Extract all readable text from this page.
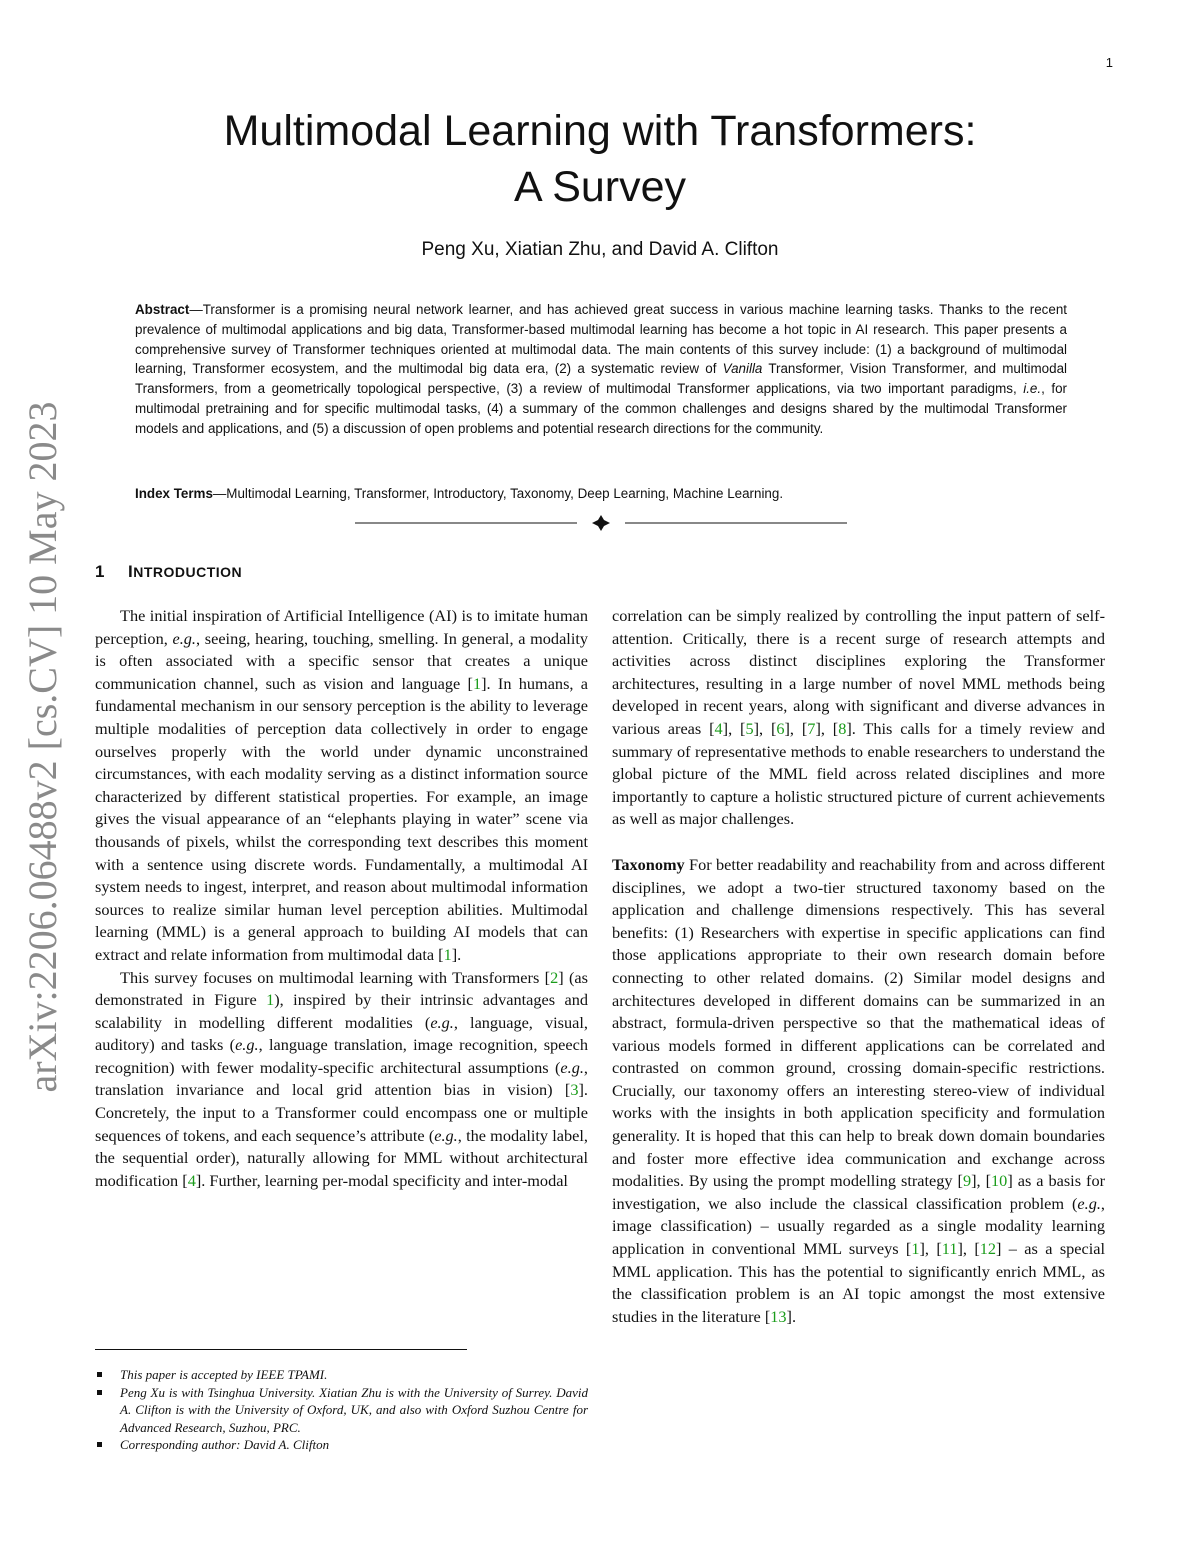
1
arXiv:2206.06488v2 [cs.CV] 10 May 2023
Multimodal Learning with Transformers:
A Survey
Peng Xu, Xiatian Zhu, and David A. Clifton

Abstract—Transformer is a promising neural network learner, and has achieved great success in various machine learning tasks. Thanks to the recent prevalence of multimodal applications and big data, Transformer-based multimodal learning has become a hot topic in AI research. This paper presents a comprehensive survey of Transformer techniques oriented at multimodal data. The main contents of this survey include: (1) a background of multimodal learning, Transformer ecosystem, and the multimodal big data era, (2) a systematic review of Vanilla Transformer, Vision Transformer, and multimodal Transformers, from a geometrically topological perspective, (3) a review of multimodal Transformer applications, via two important paradigms, i.e., for multimodal pretraining and for specific multimodal tasks, (4) a summary of the common challenges and designs shared by the multimodal Transformer models and applications, and (5) a discussion of open problems and potential research directions for the community.

Index Terms—Multimodal Learning, Transformer, Introductory, Taxonomy, Deep Learning, Machine Learning.

1 INTRODUCTION

The initial inspiration of Artificial Intelligence (AI) is to imitate human perception, e.g., seeing, hearing, touching, smelling. In general, a modality is often associated with a specific sensor that creates a unique communication channel, such as vision and language [1]. In humans, a fundamental mechanism in our sensory perception is the ability to leverage multiple modalities of perception data collectively in order to engage ourselves properly with the world under dynamic unconstrained circumstances, with each modality serving as a distinct information source characterized by different statistical properties. For example, an image gives the visual appearance of an “elephants playing in water” scene via thousands of pixels, whilst the corresponding text describes this moment with a sentence using discrete words. Fundamentally, a multimodal AI system needs to ingest, interpret, and reason about multimodal information sources to realize similar human level perception abilities. Multimodal learning (MML) is a general approach to building AI models that can extract and relate information from multimodal data [1].

This survey focuses on multimodal learning with Transformers [2] (as demonstrated in Figure 1), inspired by their intrinsic advantages and scalability in modelling different modalities (e.g., language, visual, auditory) and tasks (e.g., language translation, image recognition, speech recognition) with fewer modality-specific architectural assumptions (e.g., translation invariance and local grid attention bias in vision) [3]. Concretely, the input to a Transformer could encompass one or multiple sequences of tokens, and each sequence’s attribute (e.g., the modality label, the sequential order), naturally allowing for MML without architectural modification [4]. Further, learning per-modal specificity and inter-modal

correlation can be simply realized by controlling the input pattern of self-attention. Critically, there is a recent surge of research attempts and activities across distinct disciplines exploring the Transformer architectures, resulting in a large number of novel MML methods being developed in recent years, along with significant and diverse advances in various areas [4], [5], [6], [7], [8]. This calls for a timely review and summary of representative methods to enable researchers to understand the global picture of the MML field across related disciplines and more importantly to capture a holistic structured picture of current achievements as well as major challenges.

Taxonomy For better readability and reachability from and across different disciplines, we adopt a two-tier structured taxonomy based on the application and challenge dimensions respectively. This has several benefits: (1) Researchers with expertise in specific applications can find those applications appropriate to their own research domain before connecting to other related domains. (2) Similar model designs and architectures developed in different domains can be summarized in an abstract, formula-driven perspective so that the mathematical ideas of various models formed in different applications can be correlated and contrasted on common ground, crossing domain-specific restrictions. Crucially, our taxonomy offers an interesting stereo-view of individual works with the insights in both application specificity and formulation generality. It is hoped that this can help to break down domain boundaries and foster more effective idea communication and exchange across modalities. By using the prompt modelling strategy [9], [10] as a basis for investigation, we also include the classical classification problem (e.g., image classification) – usually regarded as a single modality learning application in conventional MML surveys [1], [11], [12] – as a special MML application. This has the potential to significantly enrich MML, as the classification problem is an AI topic amongst the most extensive studies in the literature [13].

This paper is accepted by IEEE TPAMI.
Peng Xu is with Tsinghua University. Xiatian Zhu is with the University of Surrey. David A. Clifton is with the University of Oxford, UK, and also with Oxford Suzhou Centre for Advanced Research, Suzhou, PRC.
Corresponding author: David A. Clifton
